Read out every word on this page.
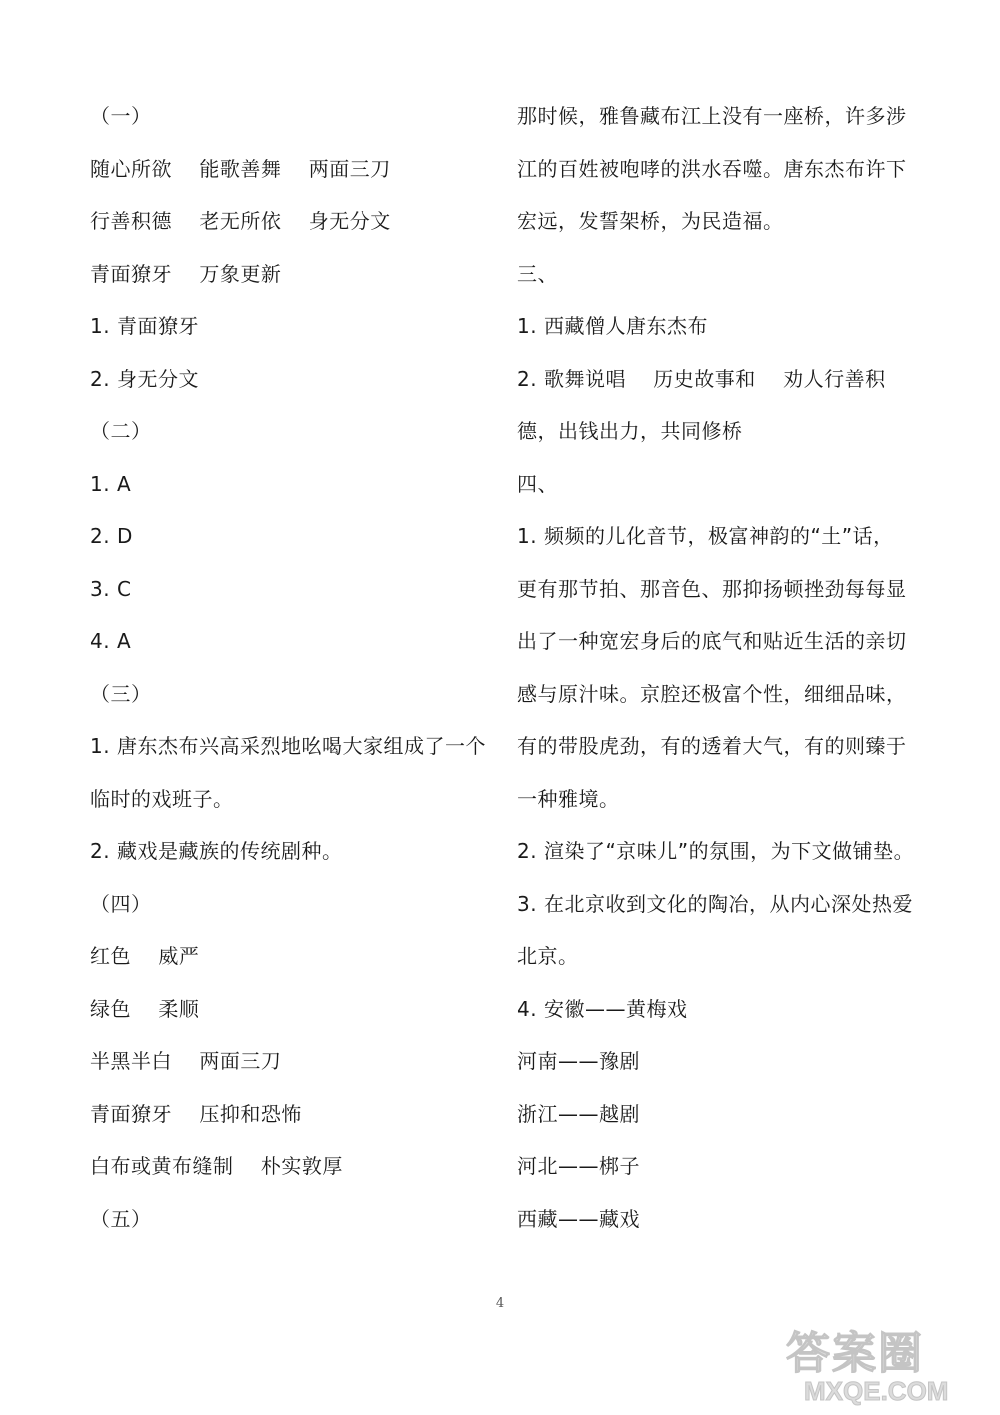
（一）
随心所欲　 能歌善舞　 两面三刀
行善积德　 老无所依　 身无分文
青面獠牙　 万象更新
1. 青面獠牙
2. 身无分文
（二）
1. A
2. D
3. C
4. A
（三）
1. 唐东杰布兴高采烈地吆喝大家组成了一个
临时的戏班子。
2. 藏戏是藏族的传统剧种。
（四）
红色　 威严
绿色　 柔顺
半黑半白　 两面三刀
青面獠牙　 压抑和恐怖
白布或黄布缝制　 朴实敦厚
（五）
那时候，雅鲁藏布江上没有一座桥，许多涉
江的百姓被咆哮的洪水吞噬。唐东杰布许下
宏远，发誓架桥，为民造福。
三、
1. 西藏僧人唐东杰布
2. 歌舞说唱　 历史故事和　 劝人行善积
德，出钱出力，共同修桥
四、
1. 频频的儿化音节，极富神韵的“土”话，
更有那节拍、那音色、那抑扬顿挫劲每每显
出了一种宽宏身后的底气和贴近生活的亲切
感与原汁味。京腔还极富个性，细细品味，
有的带股虎劲，有的透着大气，有的则臻于
一种雅境。
2. 渲染了“京味儿”的氛围，为下文做铺垫。
3. 在北京收到文化的陶冶，从内心深处热爱
北京。
4. 安徽——黄梅戏
河南——豫剧
浙江——越剧
河北——梆子
西藏——藏戏
4
答案圈
MXQE.COM
